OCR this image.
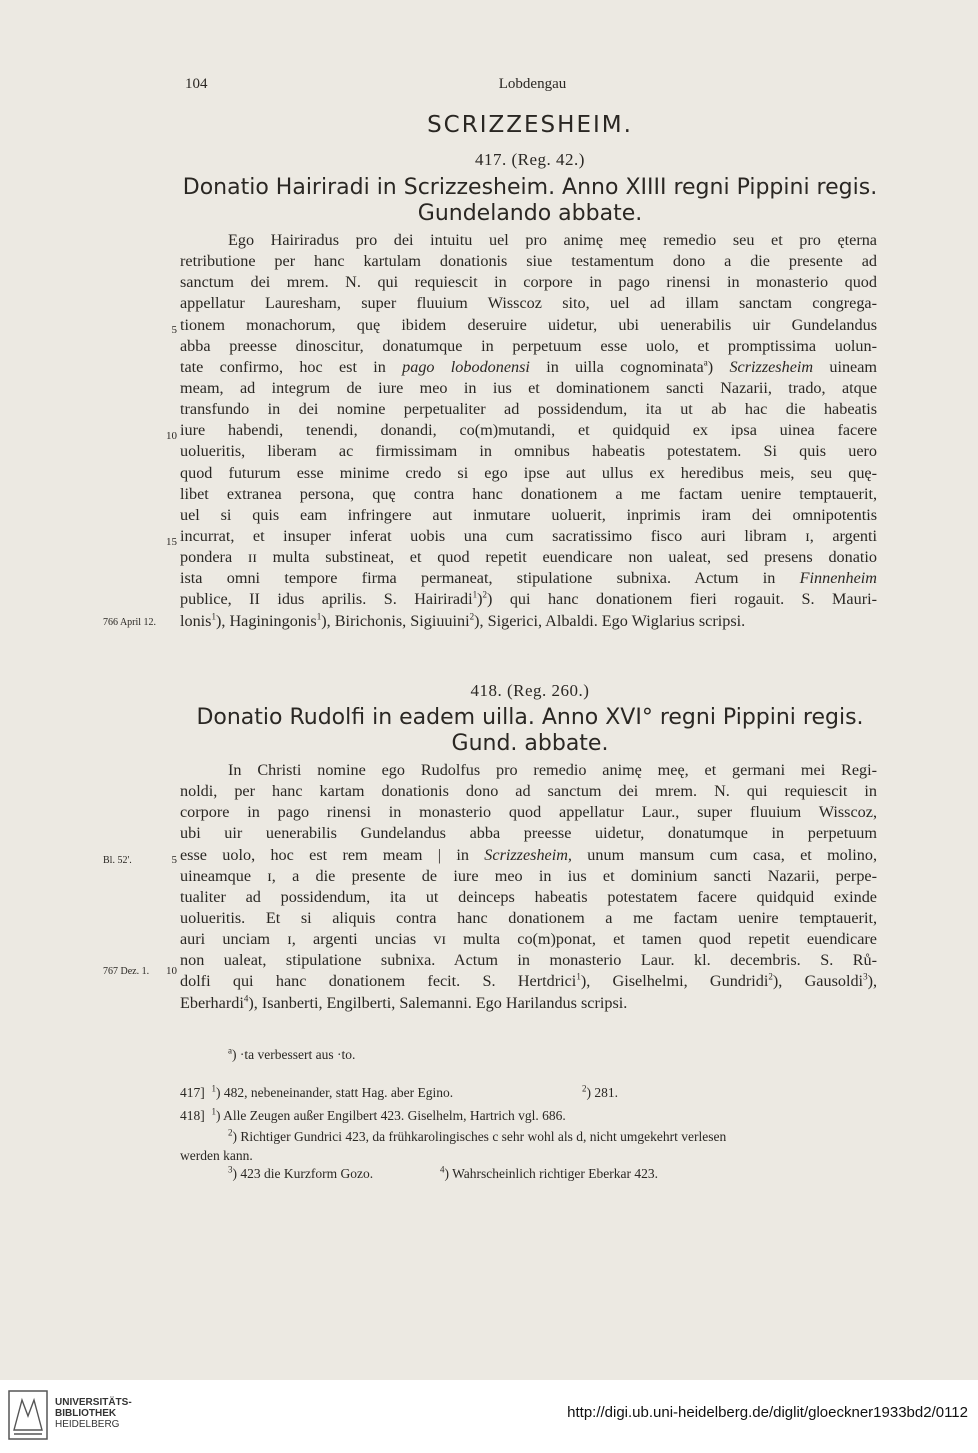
104	Lobdengau
SCRIZZESHEIM.
417. (Reg. 42.)
Donatio Hairiradi in Scrizzesheim. Anno XIIII regni Pippini regis.
Gundelando abbate.
Ego Hairiradus pro dei intuitu uel pro animę meę remedio seu et pro ęterna
retributione per hanc kartulam donationis siue testamentum dono a die presente ad
sanctum dei mrem. N. qui requiescit in corpore in pago rinensi in monasterio quod
appellatur Lauresham, super fluuium Wisscoz sito, uel ad illam sanctam congrega-
tionem monachorum, quę ibidem deseruire uidetur, ubi uenerabilis uir Gundelandus
abba preesse dinoscitur, donatumque in perpetuum esse uolo, et promptissima uolun-
tate confirmo, hoc est in pago lobodonensi in uilla cognominata$^a$) Scrizzesheim uineam
meam, ad integrum de iure meo in ius et dominationem sancti Nazarii, trado, atque
transfundo in dei nomine perpetualiter ad possidendum, ita ut ab hac die habeatis
iure habendi, tenendi, donandi, co(m)mutandi, et quidquid ex ipsa uinea facere
uolueritis, liberam ac firmissimam in omnibus habeatis potestatem. Si quis uero
quod futurum esse minime credo si ego ipse aut ullus ex heredibus meis, seu quę-
libet extranea persona, quę contra hanc donationem a me factam uenire temptauerit,
uel si quis eam infringere aut inmutare uoluerit, inprimis iram dei omnipotentis
incurrat, et insuper inferat uobis una cum sacratissimo fisco auri libram ɪ, argenti
pondera ɪɪ multa substineat, et quod repetit euendicare non ualeat, sed presens donatio
ista omni tempore firma permaneat, stipulatione subnixa. Actum in Finnenheim
publice, II idus aprilis. S. Hairiradi$^1$)$^2$) qui hanc donationem fieri rogauit. S. Mauri-
lonis$^1$), Haginingonis$^1$), Birichonis, Sigiuuini$^2$), Sigerici, Albaldi. Ego Wiglarius scripsi.
5
10
15
766 April 12.
418. (Reg. 260.)
Donatio Rudolfi in eadem uilla. Anno XVI° regni Pippini regis.
Gund. abbate.
In Christi nomine ego Rudolfus pro remedio animę meę, et germani mei Regi-
noldi, per hanc kartam donationis dono ad sanctum dei mrem. N. qui requiescit in
corpore in pago rinensi in monasterio quod appellatur Laur., super fluuium Wisscoz,
ubi uir uenerabilis Gundelandus abba preesse uidetur, donatumque in perpetuum
esse uolo, hoc est rem meam | in Scrizzesheim, unum mansum cum casa, et molino,
uineamque ɪ, a die presente de iure meo in ius et dominium sancti Nazarii, perpe-
tualiter ad possidendum, ita ut deinceps habeatis potestatem facere quidquid exinde
uolueritis. Et si aliquis contra hanc donationem a me factam uenire temptauerit,
auri unciam ɪ, argenti uncias ᴠɪ multa co(m)ponat, et tamen quod repetit euendicare
non ualeat, stipulatione subnixa. Actum in monasterio Laur. kl. decembris. S. Rů-
dolfi qui hanc donationem fecit. S. Hertdrici$^1$), Giselhelmi, Gundridi$^2$), Gausoldi$^3$),
Eberhardi$^4$), Isanberti, Engilberti, Salemanni. Ego Harilandus scripsi.
Bl. 52'.	5
767 Dez. 1.	10
$^a$) ·ta verbessert aus ·to.
417] $^1$) 482, nebeneinander, statt Hag. aber Egino.	$^2$) 281.
418] $^1$) Alle Zeugen außer Engilbert 423. Giselhelm, Hartrich vgl. 686.
$^2$) Richtiger Gundrici 423, da frühkarolingisches c sehr wohl als d, nicht umgekehrt verlesen
werden kann.
$^3$) 423 die Kurzform Gozo.	$^4$) Wahrscheinlich richtiger Eberkar 423.
UNIVERSITÄTS-
BIBLIOTHEK
HEIDELBERG
http://digi.ub.uni-heidelberg.de/diglit/gloeckner1933bd2/0112
